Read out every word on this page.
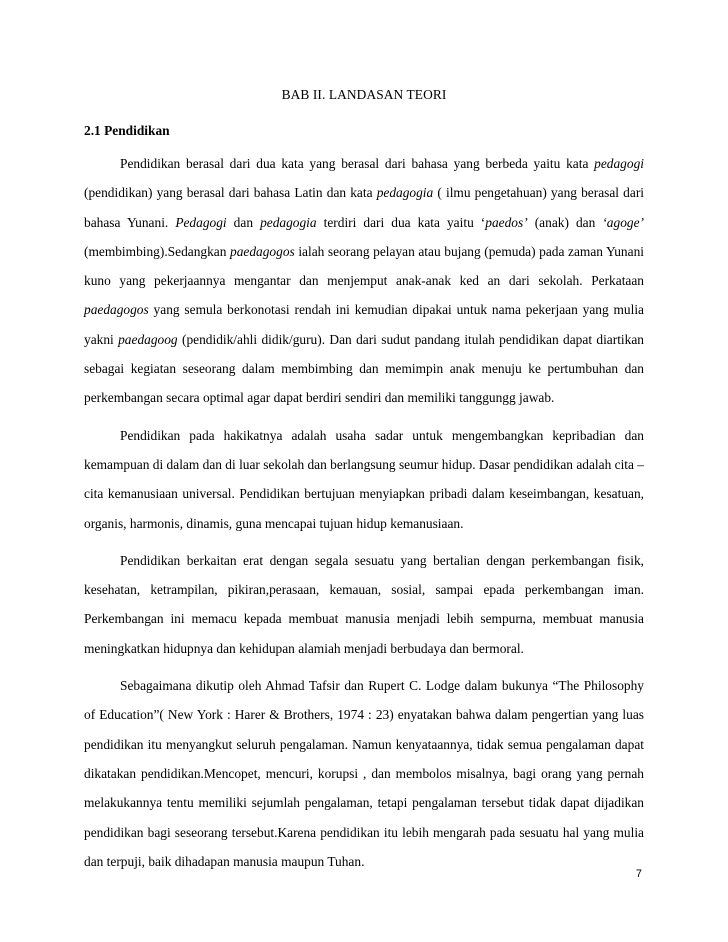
BAB II. LANDASAN TEORI
2.1 Pendidikan

Pendidikan berasal dari dua kata yang berasal dari bahasa yang berbeda yaitu kata pedagogi (pendidikan) yang berasal dari bahasa Latin dan kata pedagogia ( ilmu pengetahuan) yang berasal dari bahasa Yunani. Pedagogi dan pedagogia terdiri dari dua kata yaitu ‘paedos’ (anak) dan ‘agoge’ (membimbing).Sedangkan paedagogos ialah seorang pelayan atau bujang (pemuda) pada zaman Yunani kuno yang pekerjaannya mengantar dan menjemput anak-anak ked an dari sekolah. Perkataan paedagogos yang semula berkonotasi rendah ini kemudian dipakai untuk nama pekerjaan yang mulia yakni paedagoog (pendidik/ahli didik/guru). Dan dari sudut pandang itulah pendidikan dapat diartikan sebagai kegiatan seseorang dalam membimbing dan memimpin anak menuju ke pertumbuhan dan perkembangan secara optimal agar dapat berdiri sendiri dan memiliki tanggungg jawab.

Pendidikan pada hakikatnya adalah usaha sadar untuk mengembangkan kepribadian dan kemampuan di dalam dan di luar sekolah dan berlangsung seumur hidup. Dasar pendidikan adalah cita – cita kemanusiaan universal. Pendidikan bertujuan menyiapkan pribadi dalam keseimbangan, kesatuan, organis, harmonis, dinamis, guna mencapai tujuan hidup kemanusiaan.

Pendidikan berkaitan erat dengan segala sesuatu yang bertalian dengan perkembangan fisik, kesehatan, ketrampilan, pikiran,perasaan, kemauan, sosial, sampai epada perkembangan iman. Perkembangan ini memacu kepada membuat manusia menjadi lebih sempurna, membuat manusia meningkatkan hidupnya dan kehidupan alamiah menjadi berbudaya dan bermoral.

Sebagaimana dikutip oleh Ahmad Tafsir dan Rupert C. Lodge dalam bukunya “The Philosophy of Education”( New York : Harer & Brothers, 1974 : 23) enyatakan bahwa dalam pengertian yang luas pendidikan itu menyangkut seluruh pengalaman. Namun kenyataannya, tidak semua pengalaman dapat dikatakan pendidikan.Mencopet, mencuri, korupsi , dan membolos misalnya, bagi orang yang pernah melakukannya tentu memiliki sejumlah pengalaman, tetapi pengalaman tersebut tidak dapat dijadikan pendidikan bagi seseorang tersebut.Karena pendidikan itu lebih mengarah pada sesuatu hal yang mulia dan terpuji, baik dihadapan manusia maupun Tuhan.

7
